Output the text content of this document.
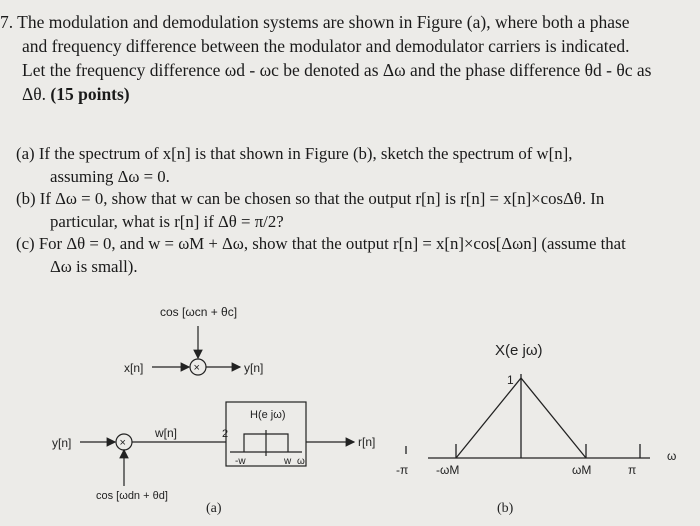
7. The modulation and demodulation systems are shown in Figure (a), where both a phase
and frequency difference between the modulator and demodulator carriers is indicated.
Let the frequency difference ωd - ωc be denoted as Δω and the phase difference θd - θc as
Δθ. (15 points)
(a) If the spectrum of x[n] is that shown in Figure (b), sketch the spectrum of w[n],
assuming Δω = 0.
(b) If Δω = 0, show that w can be chosen so that the output r[n] is r[n] = x[n]×cosΔθ. In
particular, what is r[n] if Δθ = π/2?
(c) For Δθ = 0, and w = ωM + Δω, show that the output r[n] = x[n]×cos[Δωn] (assume that
Δω is small).
cos [ωcn + θc]
x[n]	×	y[n]
y[n]	×
cos [ωdn + θd]
w[n]
H(e jω)
2
-w	w ω
r[n]
(a)
X(e jω)
1
-π -ωM	ωM	π
ω
(b)
